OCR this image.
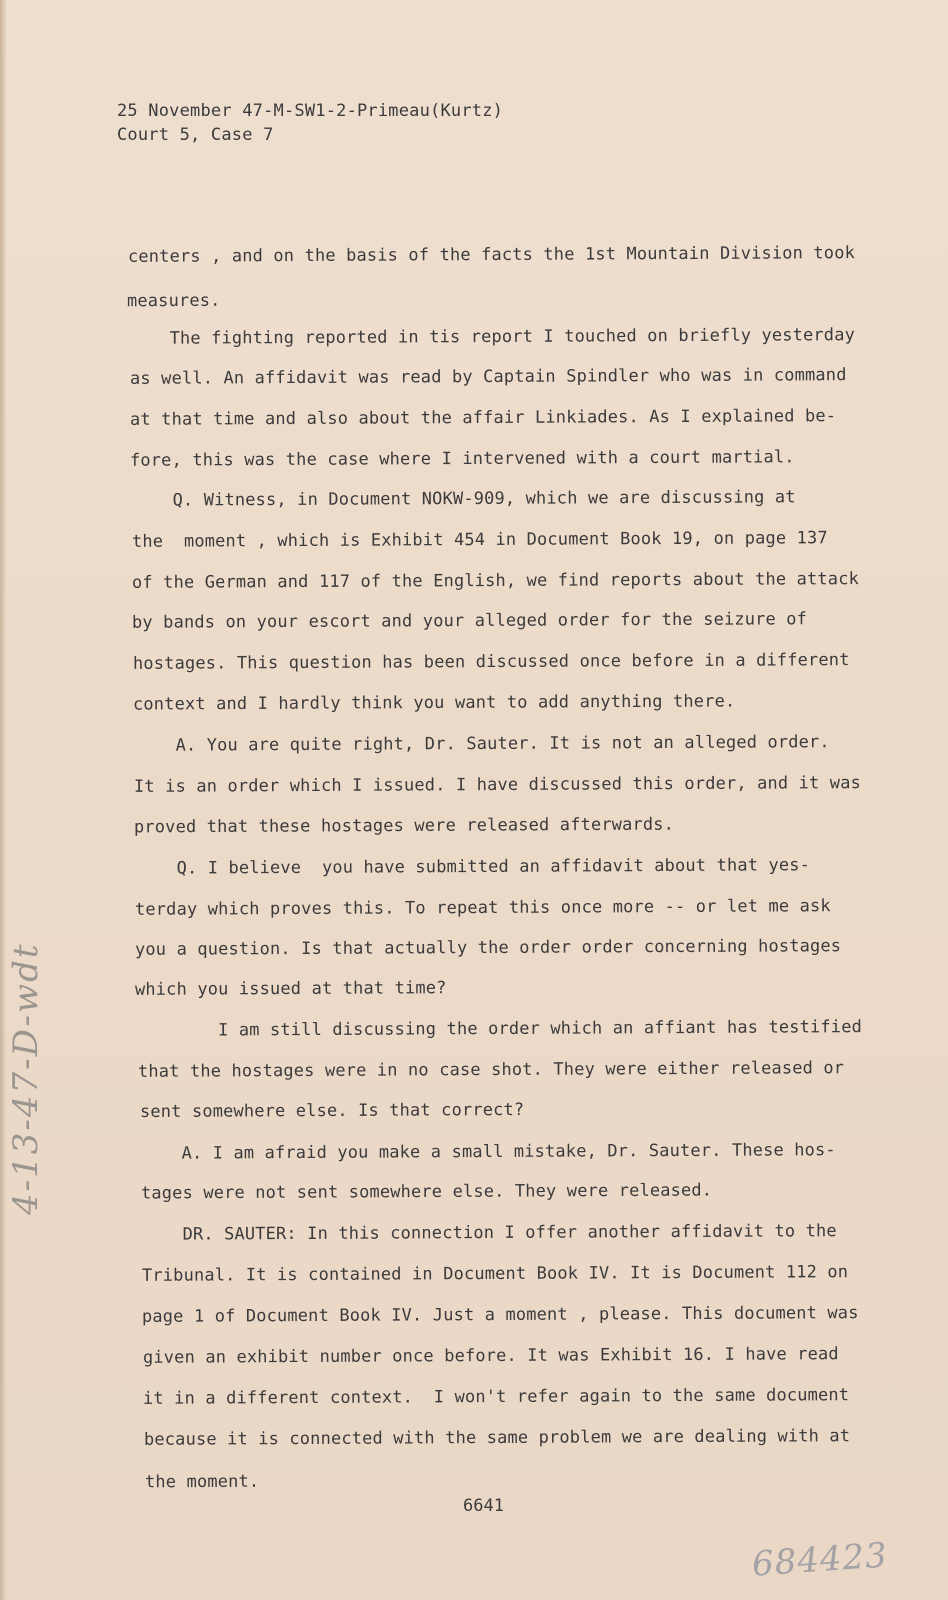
25 November 47-M-SW1-2-Primeau(Kurtz)
Court 5, Case 7
centers , and on the basis of the facts the 1st Mountain Division took
measures.
The fighting reported in tis report I touched on briefly yesterday
as well. An affidavit was read by Captain Spindler who was in command
at that time and also about the affair Linkiades. As I explained be-
fore, this was the case where I intervened with a court martial.
Q. Witness, in Document NOKW-909, which we are discussing at
the  moment , which is Exhibit 454 in Document Book 19, on page 137
of the German and 117 of the English, we find reports about the attack
by bands on your escort and your alleged order for the seizure of
hostages. This question has been discussed once before in a different
context and I hardly think you want to add anything there.
A. You are quite right, Dr. Sauter. It is not an alleged order.
It is an order which I issued. I have discussed this order, and it was
proved that these hostages were released afterwards.
Q. I believe  you have submitted an affidavit about that yes-
terday which proves this. To repeat this once more -- or let me ask
you a question. Is that actually the order order concerning hostages
which you issued at that time?
I am still discussing the order which an affiant has testified
that the hostages were in no case shot. They were either released or
sent somewhere else. Is that correct?
A. I am afraid you make a small mistake, Dr. Sauter. These hos-
tages were not sent somewhere else. They were released.
DR. SAUTER: In this connection I offer another affidavit to the
Tribunal. It is contained in Document Book IV. It is Document 112 on
page 1 of Document Book IV. Just a moment , please. This document was
given an exhibit number once before. It was Exhibit 16. I have read
it in a different context.  I won't refer again to the same document
because it is connected with the same problem we are dealing with at
the moment.
6641
4-13-47-D-wdt
684423
